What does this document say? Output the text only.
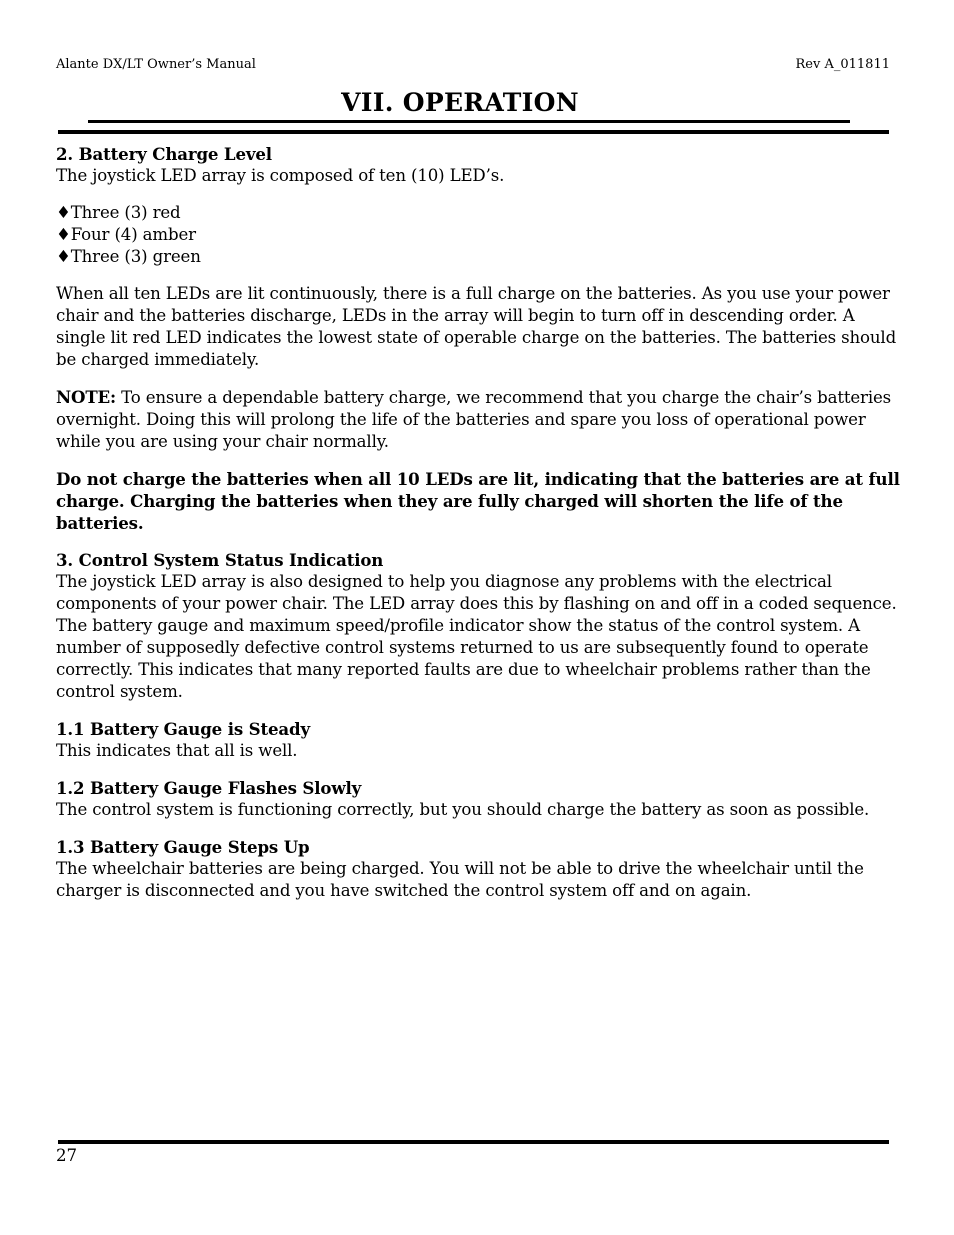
Alante DX/LT Owner’s Manual	Rev A_011811
VII. OPERATION

2. Battery Charge Level
The joystick LED array is composed of ten (10) LED’s.

♦Three (3) red
♦Four (4) amber
♦Three (3) green

When all ten LEDs are lit continuously, there is a full charge on the batteries. As you use your power chair and the batteries discharge, LEDs in the array will begin to turn off in descending order. A single lit red LED indicates the lowest state of operable charge on the batteries. The batteries should be charged immediately.

NOTE: To ensure a dependable battery charge, we recommend that you charge the chair’s batteries overnight. Doing this will prolong the life of the batteries and spare you loss of operational power while you are using your chair normally.

Do not charge the batteries when all 10 LEDs are lit, indicating that the batteries are at full charge. Charging the batteries when they are fully charged will shorten the life of the batteries.

3. Control System Status Indication
The joystick LED array is also designed to help you diagnose any problems with the electrical components of your power chair. The LED array does this by flashing on and off in a coded sequence. The battery gauge and maximum speed/profile indicator show the status of the control system. A number of supposedly defective control systems returned to us are subsequently found to operate correctly. This indicates that many reported faults are due to wheelchair problems rather than the control system.

1.1 Battery Gauge is Steady
This indicates that all is well.

1.2 Battery Gauge Flashes Slowly
The control system is functioning correctly, but you should charge the battery as soon as possible.

1.3 Battery Gauge Steps Up
The wheelchair batteries are being charged. You will not be able to drive the wheelchair until the charger is disconnected and you have switched the control system off and on again.

27
